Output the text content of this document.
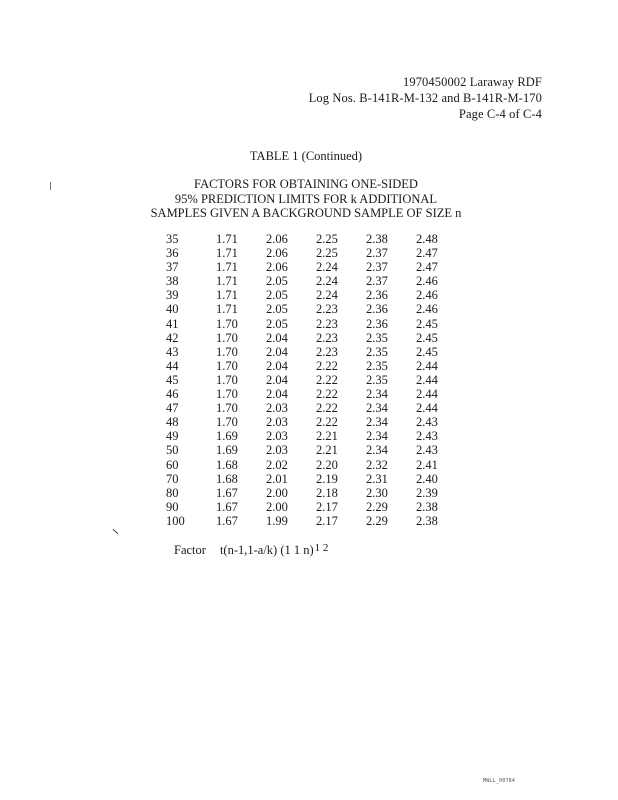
1970450002 Laraway RDF
Log Nos. B-141R-M-132 and B-141R-M-170
Page C-4 of C-4
TABLE 1 (Continued)
FACTORS FOR OBTAINING ONE-SIDED
95% PREDICTION LIMITS FOR k ADDITIONAL
SAMPLES GIVEN A BACKGROUND SAMPLE OF SIZE n
35	1.71	2.06	2.25	2.38	2.48
36	1.71	2.06	2.25	2.37	2.47
37	1.71	2.06	2.24	2.37	2.47
38	1.71	2.05	2.24	2.37	2.46
39	1.71	2.05	2.24	2.36	2.46
40	1.71	2.05	2.23	2.36	2.46
41	1.70	2.05	2.23	2.36	2.45
42	1.70	2.04	2.23	2.35	2.45
43	1.70	2.04	2.23	2.35	2.45
44	1.70	2.04	2.22	2.35	2.44
45	1.70	2.04	2.22	2.35	2.44
46	1.70	2.04	2.22	2.34	2.44
47	1.70	2.03	2.22	2.34	2.44
48	1.70	2.03	2.22	2.34	2.43
49	1.69	2.03	2.21	2.34	2.43
50	1.69	2.03	2.21	2.34	2.43
60	1.68	2.02	2.20	2.32	2.41
70	1.68	2.01	2.19	2.31	2.40
80	1.67	2.00	2.18	2.30	2.39
90	1.67	2.00	2.17	2.29	2.38
100	1.67	1.99	2.17	2.29	2.38
Factor t(n-1,1-a/k) (1 1 n)$^{1 2}$
MWLL_00784
